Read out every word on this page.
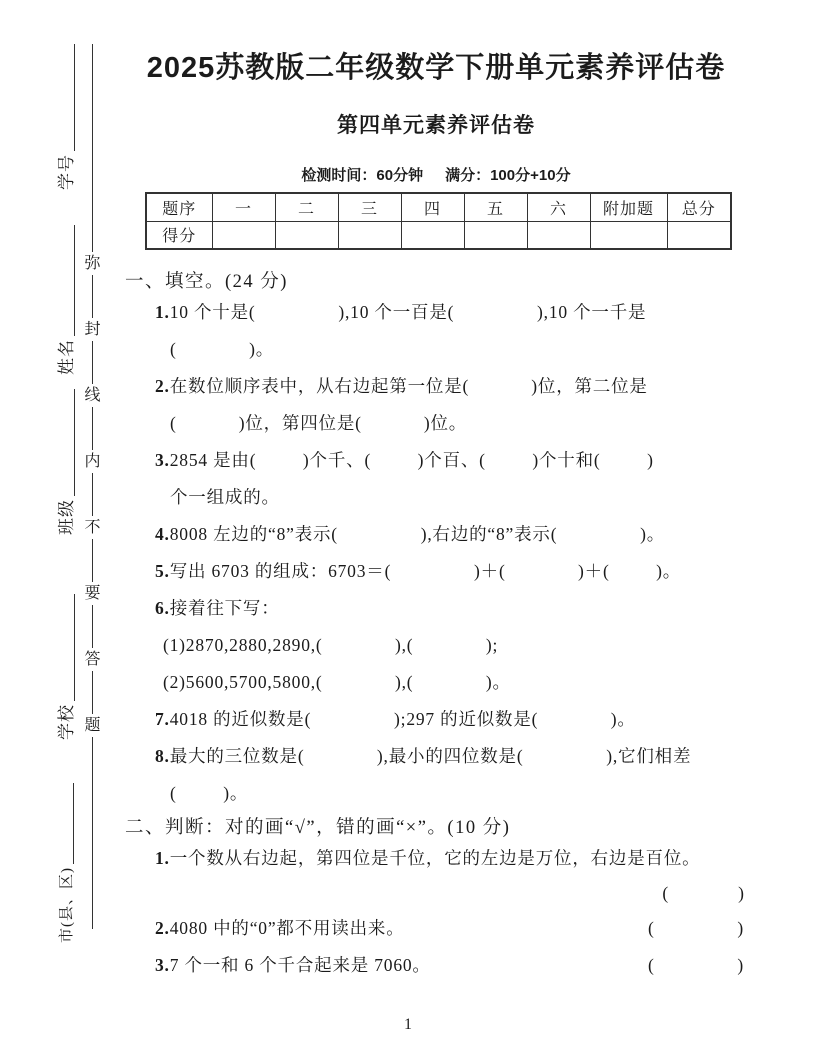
学号
姓名
班级
学校
市(县、区)
弥
封
线
内
不
要
答
题
2025苏教版二年级数学下册单元素养评估卷
第四单元素养评估卷
检测时间：60分钟 满分：100分+10分
题序	一	二	三	四	五	六	附加题	总分
得分								
一、填空。(24 分)
1.10 个十是(                ),10 个一百是(                ),10 个一千是
(              )。
2.在数位顺序表中，从右边起第一位是(            )位，第二位是
(            )位，第四位是(            )位。
3.2854 是由(         )个千、(         )个百、(         )个十和(         )
个一组成的。
4.8008 左边的“8”表示(                ),右边的“8”表示(                )。
5.写出 6703 的组成：6703＝(                )＋(              )＋(         )。
6.接着往下写：
(1)2870,2880,2890,(              ),(              );
(2)5600,5700,5800,(              ),(              )。
7.4018 的近似数是(                );297 的近似数是(              )。
8.最大的三位数是(              ),最小的四位数是(                ),它们相差
(         )。
二、判断：对的画“√”，错的画“×”。(10 分)
1.一个数从右边起，第四位是千位，它的左边是万位，右边是百位。
(                )
2.4080 中的“0”都不用读出来。	(                )
3.7 个一和 6 个千合起来是 7060。	(                )
1
